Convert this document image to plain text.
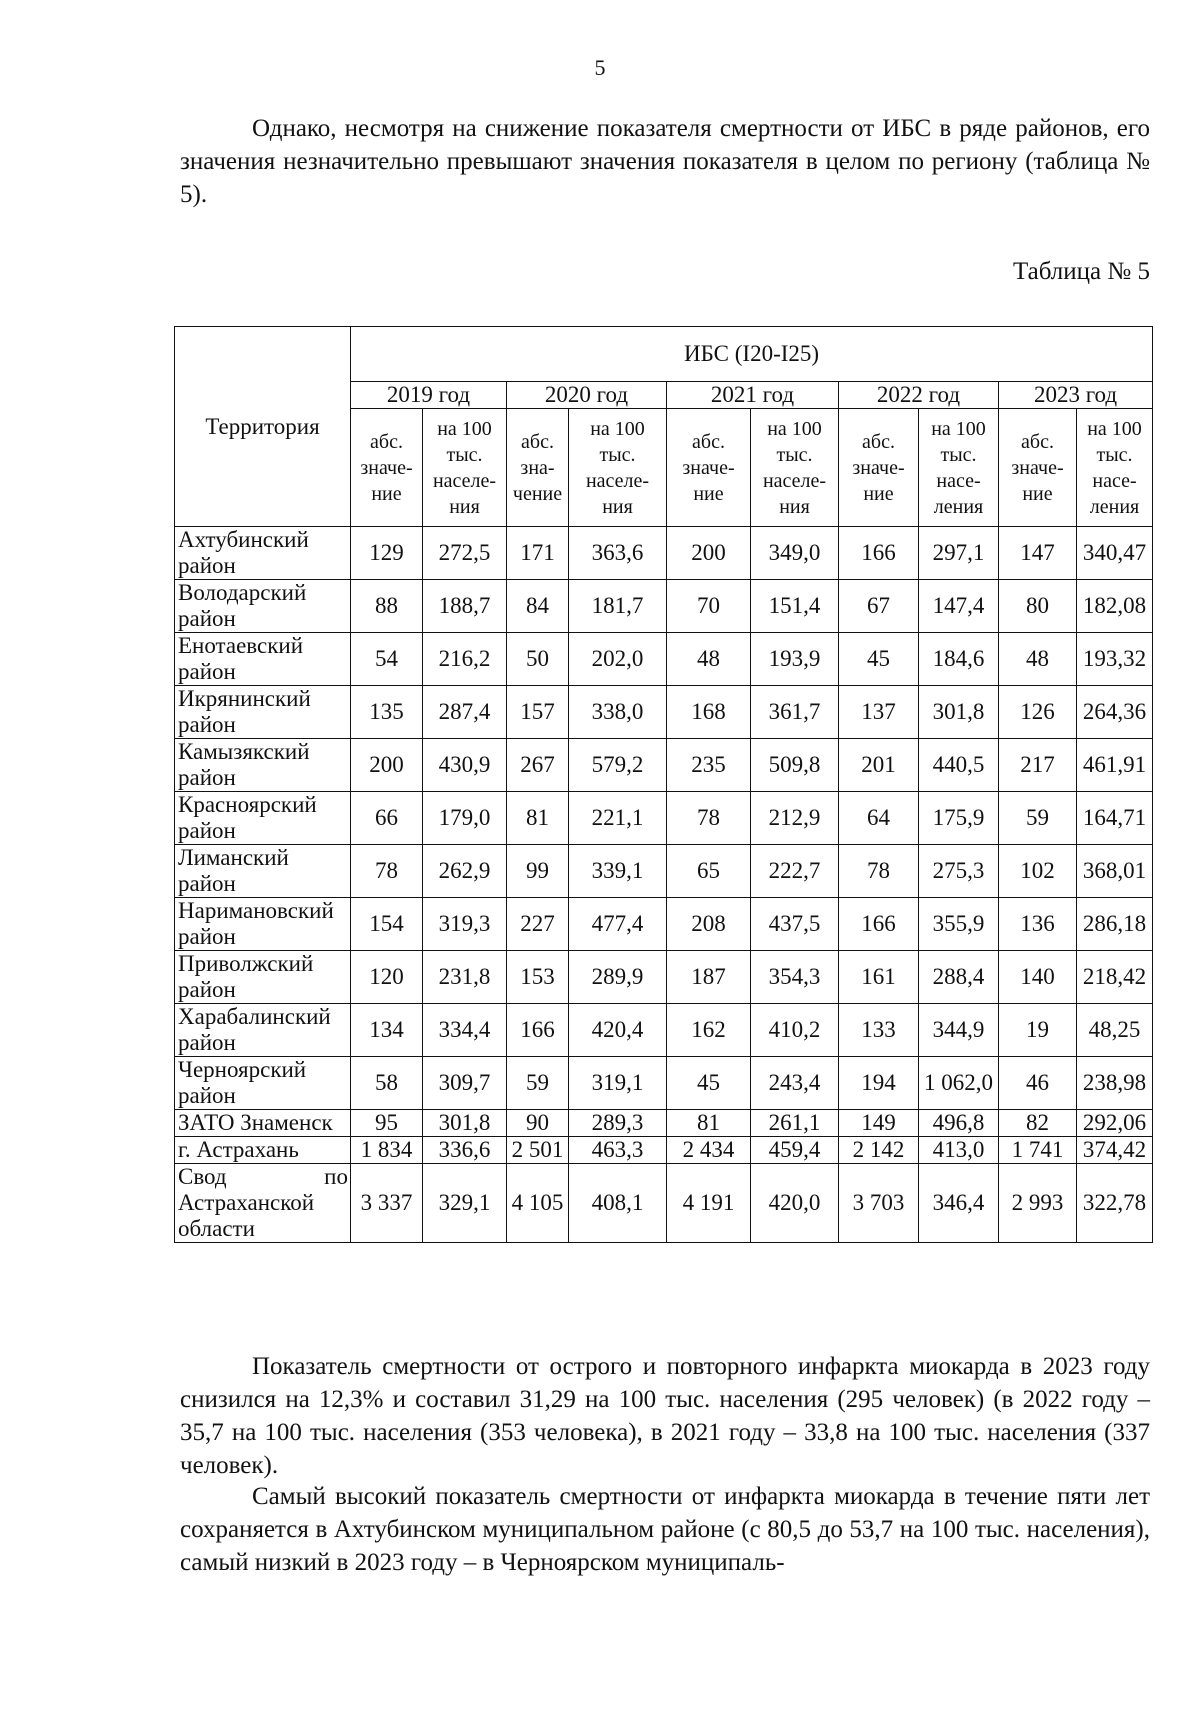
5

Однако, несмотря на снижение показателя смертности от ИБС в ряде районов, его значения незначительно превышают значения показателя в целом по региону (таблица № 5).

Таблица № 5
Территория	ИБС (I20-I25)									
	2019 год		2020 год		2021 год		2022 год		2023 год	
	абс. значе-ние	на 100 тыс. населе-ния	абс. зна-чение	на 100 тыс. населе-ния	абс. значе-ние	на 100 тыс. населе-ния	абс. значе-ние	на 100 тыс. насе-ления	абс. значе-ние	на 100 тыс. насе-ления
Ахтубинский район	129	272,5	171	363,6	200	349,0	166	297,1	147	340,47
Володарский район	88	188,7	84	181,7	70	151,4	67	147,4	80	182,08
Енотаевский район	54	216,2	50	202,0	48	193,9	45	184,6	48	193,32
Икрянинский район	135	287,4	157	338,0	168	361,7	137	301,8	126	264,36
Камызякский район	200	430,9	267	579,2	235	509,8	201	440,5	217	461,91
Красноярский район	66	179,0	81	221,1	78	212,9	64	175,9	59	164,71
Лиманский район	78	262,9	99	339,1	65	222,7	78	275,3	102	368,01
Наримановский район	154	319,3	227	477,4	208	437,5	166	355,9	136	286,18
Приволжский район	120	231,8	153	289,9	187	354,3	161	288,4	140	218,42
Харабалинский район	134	334,4	166	420,4	162	410,2	133	344,9	19	48,25
Черноярский район	58	309,7	59	319,1	45	243,4	194	1 062,0	46	238,98
ЗАТО Знаменск	95	301,8	90	289,3	81	261,1	149	496,8	82	292,06
г. Астрахань	1 834	336,6	2 501	463,3	2 434	459,4	2 142	413,0	1 741	374,42
Свод по Астраханской области	3 337	329,1	4 105	408,1	4 191	420,0	3 703	346,4	2 993	322,78

Показатель смертности от острого и повторного инфаркта миокарда в 2023 году снизился на 12,3% и составил 31,29 на 100 тыс. населения (295 человек) (в 2022 году – 35,7 на 100 тыс. населения (353 человека), в 2021 году – 33,8 на 100 тыс. населения (337 человек).

Самый высокий показатель смертности от инфаркта миокарда в течение пяти лет сохраняется в Ахтубинском муниципальном районе (с 80,5 до 53,7 на 100 тыс. населения), самый низкий в 2023 году – в Черноярском муниципаль-
